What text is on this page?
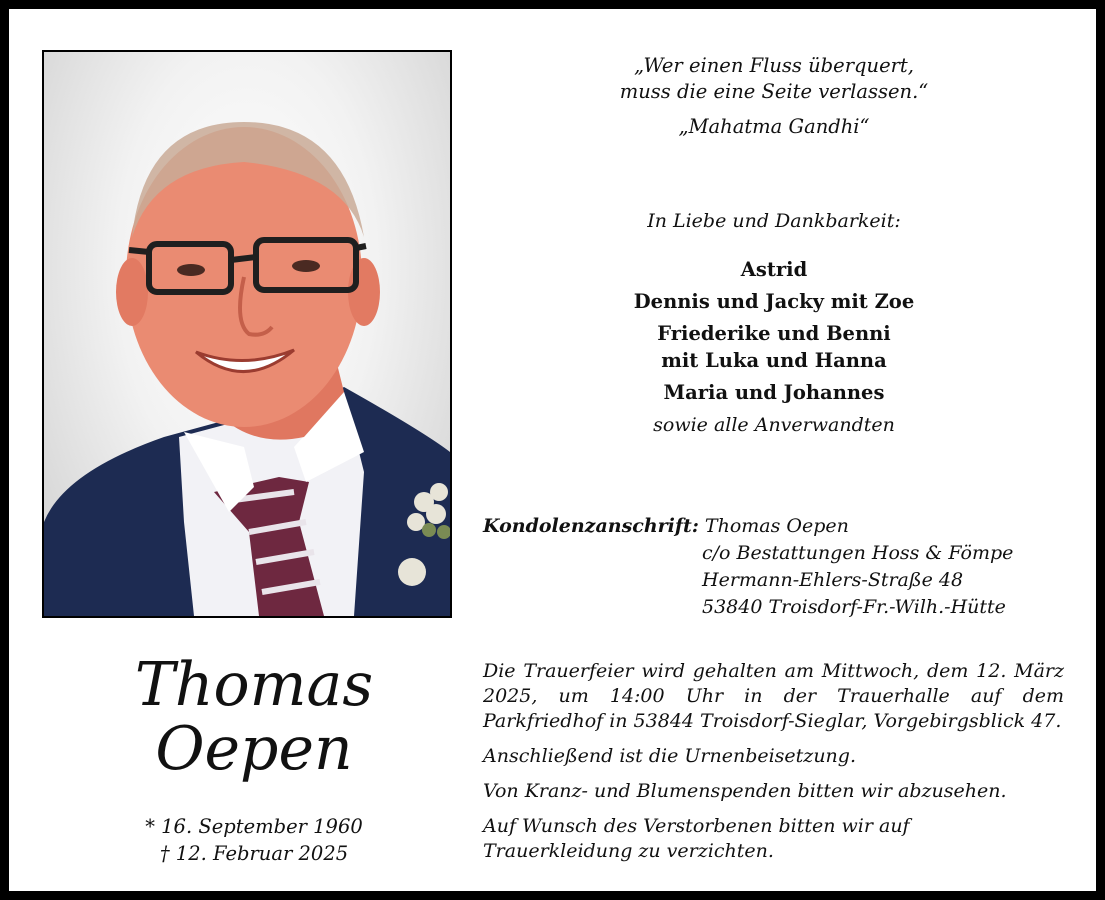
„Wer einen Fluss überquert,
muss die eine Seite verlassen.“
„Mahatma Gandhi“
In Liebe und Dankbarkeit:
Astrid
Dennis und Jacky mit Zoe
Friederike und Benni
mit Luka und Hanna
Maria und Johannes
sowie alle Anverwandten
Kondolenzanschrift: Thomas Oepen
c/o Bestattungen Hoss & Fömpe
Hermann-Ehlers-Straße 48
53840 Troisdorf-Fr.-Wilh.-Hütte

Die Trauerfeier wird gehalten am Mittwoch, dem 12. März 2025, um 14:00 Uhr in der Trauerhalle auf dem Parkfriedhof in 53844 Troisdorf-Sieglar, Vorgebirgsblick 47.

Anschließend ist die Urnenbeisetzung.

Von Kranz- und Blumenspenden bitten wir abzusehen.

Auf Wunsch des Verstorbenen bitten wir auf Trauerkleidung zu verzichten.

Thomas
Oepen
* 16. September 1960
† 12. Februar 2025
